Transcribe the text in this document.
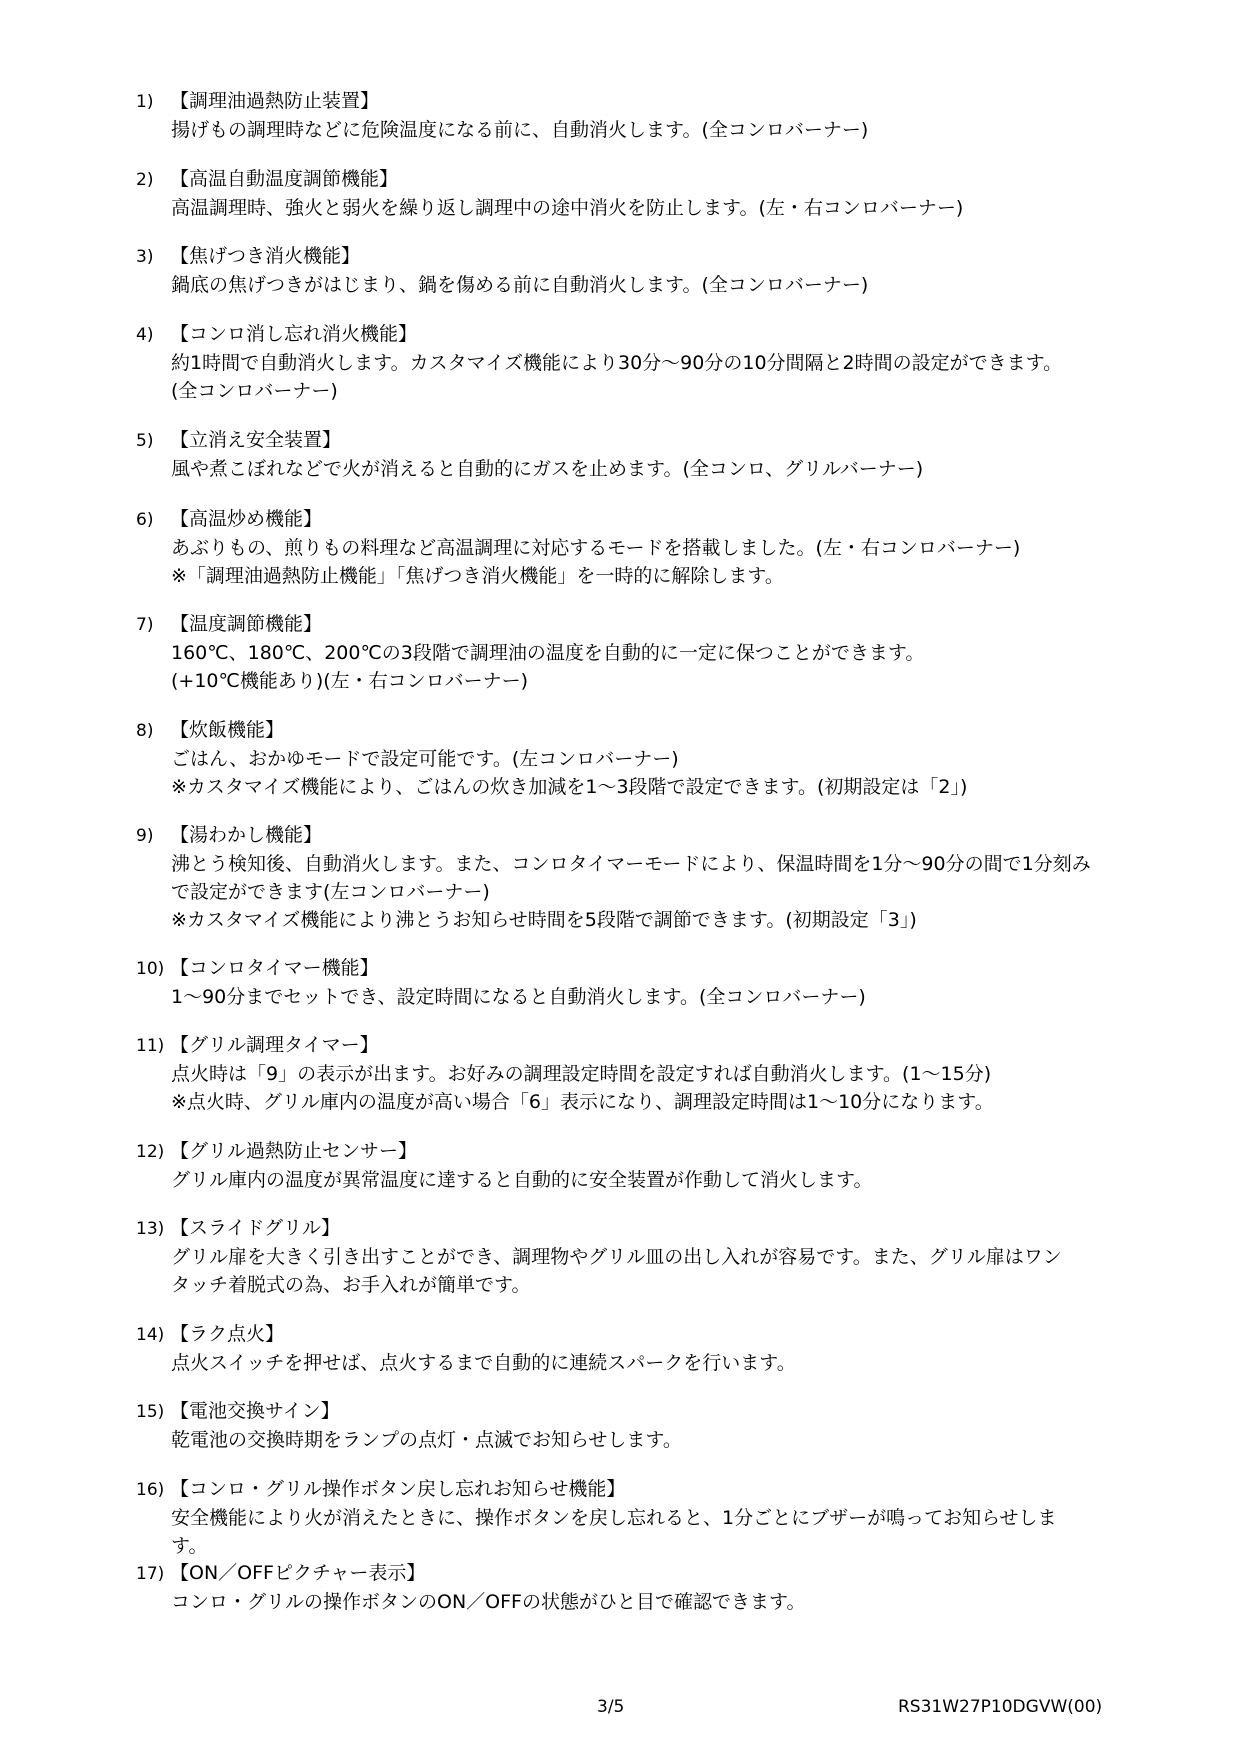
1) 【調理油過熱防止装置】
揚げもの調理時などに危険温度になる前に、自動消火します。(全コンロバーナー)
2) 【高温自動温度調節機能】
高温調理時、強火と弱火を繰り返し調理中の途中消火を防止します。(左・右コンロバーナー)
3) 【焦げつき消火機能】
鍋底の焦げつきがはじまり、鍋を傷める前に自動消火します。(全コンロバーナー)
4) 【コンロ消し忘れ消火機能】
約1時間で自動消火します。カスタマイズ機能により30分～90分の10分間隔と2時間の設定ができます。
(全コンロバーナー)
5) 【立消え安全装置】
風や煮こぼれなどで火が消えると自動的にガスを止めます。(全コンロ、グリルバーナー)
6) 【高温炒め機能】
あぶりもの、煎りもの料理など高温調理に対応するモードを搭載しました。(左・右コンロバーナー)
※「調理油過熱防止機能」「焦げつき消火機能」を一時的に解除します。
7) 【温度調節機能】
160℃、180℃、200℃の3段階で調理油の温度を自動的に一定に保つことができます。
(+10℃機能あり)(左・右コンロバーナー)
8) 【炊飯機能】
ごはん、おかゆモードで設定可能です。(左コンロバーナー)
※カスタマイズ機能により、ごはんの炊き加減を1～3段階で設定できます。(初期設定は「2」)
9) 【湯わかし機能】
沸とう検知後、自動消火します。また、コンロタイマーモードにより、保温時間を1分～90分の間で1分刻み
で設定ができます(左コンロバーナー)
※カスタマイズ機能により沸とうお知らせ時間を5段階で調節できます。(初期設定「3」)
10) 【コンロタイマー機能】
1～90分までセットでき、設定時間になると自動消火します。(全コンロバーナー)
11) 【グリル調理タイマー】
点火時は「9」の表示が出ます。お好みの調理設定時間を設定すれば自動消火します。(1～15分)
※点火時、グリル庫内の温度が高い場合「6」表示になり、調理設定時間は1～10分になります。
12) 【グリル過熱防止センサー】
グリル庫内の温度が異常温度に達すると自動的に安全装置が作動して消火します。
13) 【スライドグリル】
グリル扉を大きく引き出すことができ、調理物やグリル皿の出し入れが容易です。また、グリル扉はワン
タッチ着脱式の為、お手入れが簡単です。
14) 【ラク点火】
点火スイッチを押せば、点火するまで自動的に連続スパークを行います。
15) 【電池交換サイン】
乾電池の交換時期をランプの点灯・点滅でお知らせします。
16) 【コンロ・グリル操作ボタン戻し忘れお知らせ機能】
安全機能により火が消えたときに、操作ボタンを戻し忘れると、1分ごとにブザーが鳴ってお知らせしま
す。
17) 【ON／OFFピクチャー表示】
コンロ・グリルの操作ボタンのON／OFFの状態がひと目で確認できます。
3/5	RS31W27P10DGVW(00)
